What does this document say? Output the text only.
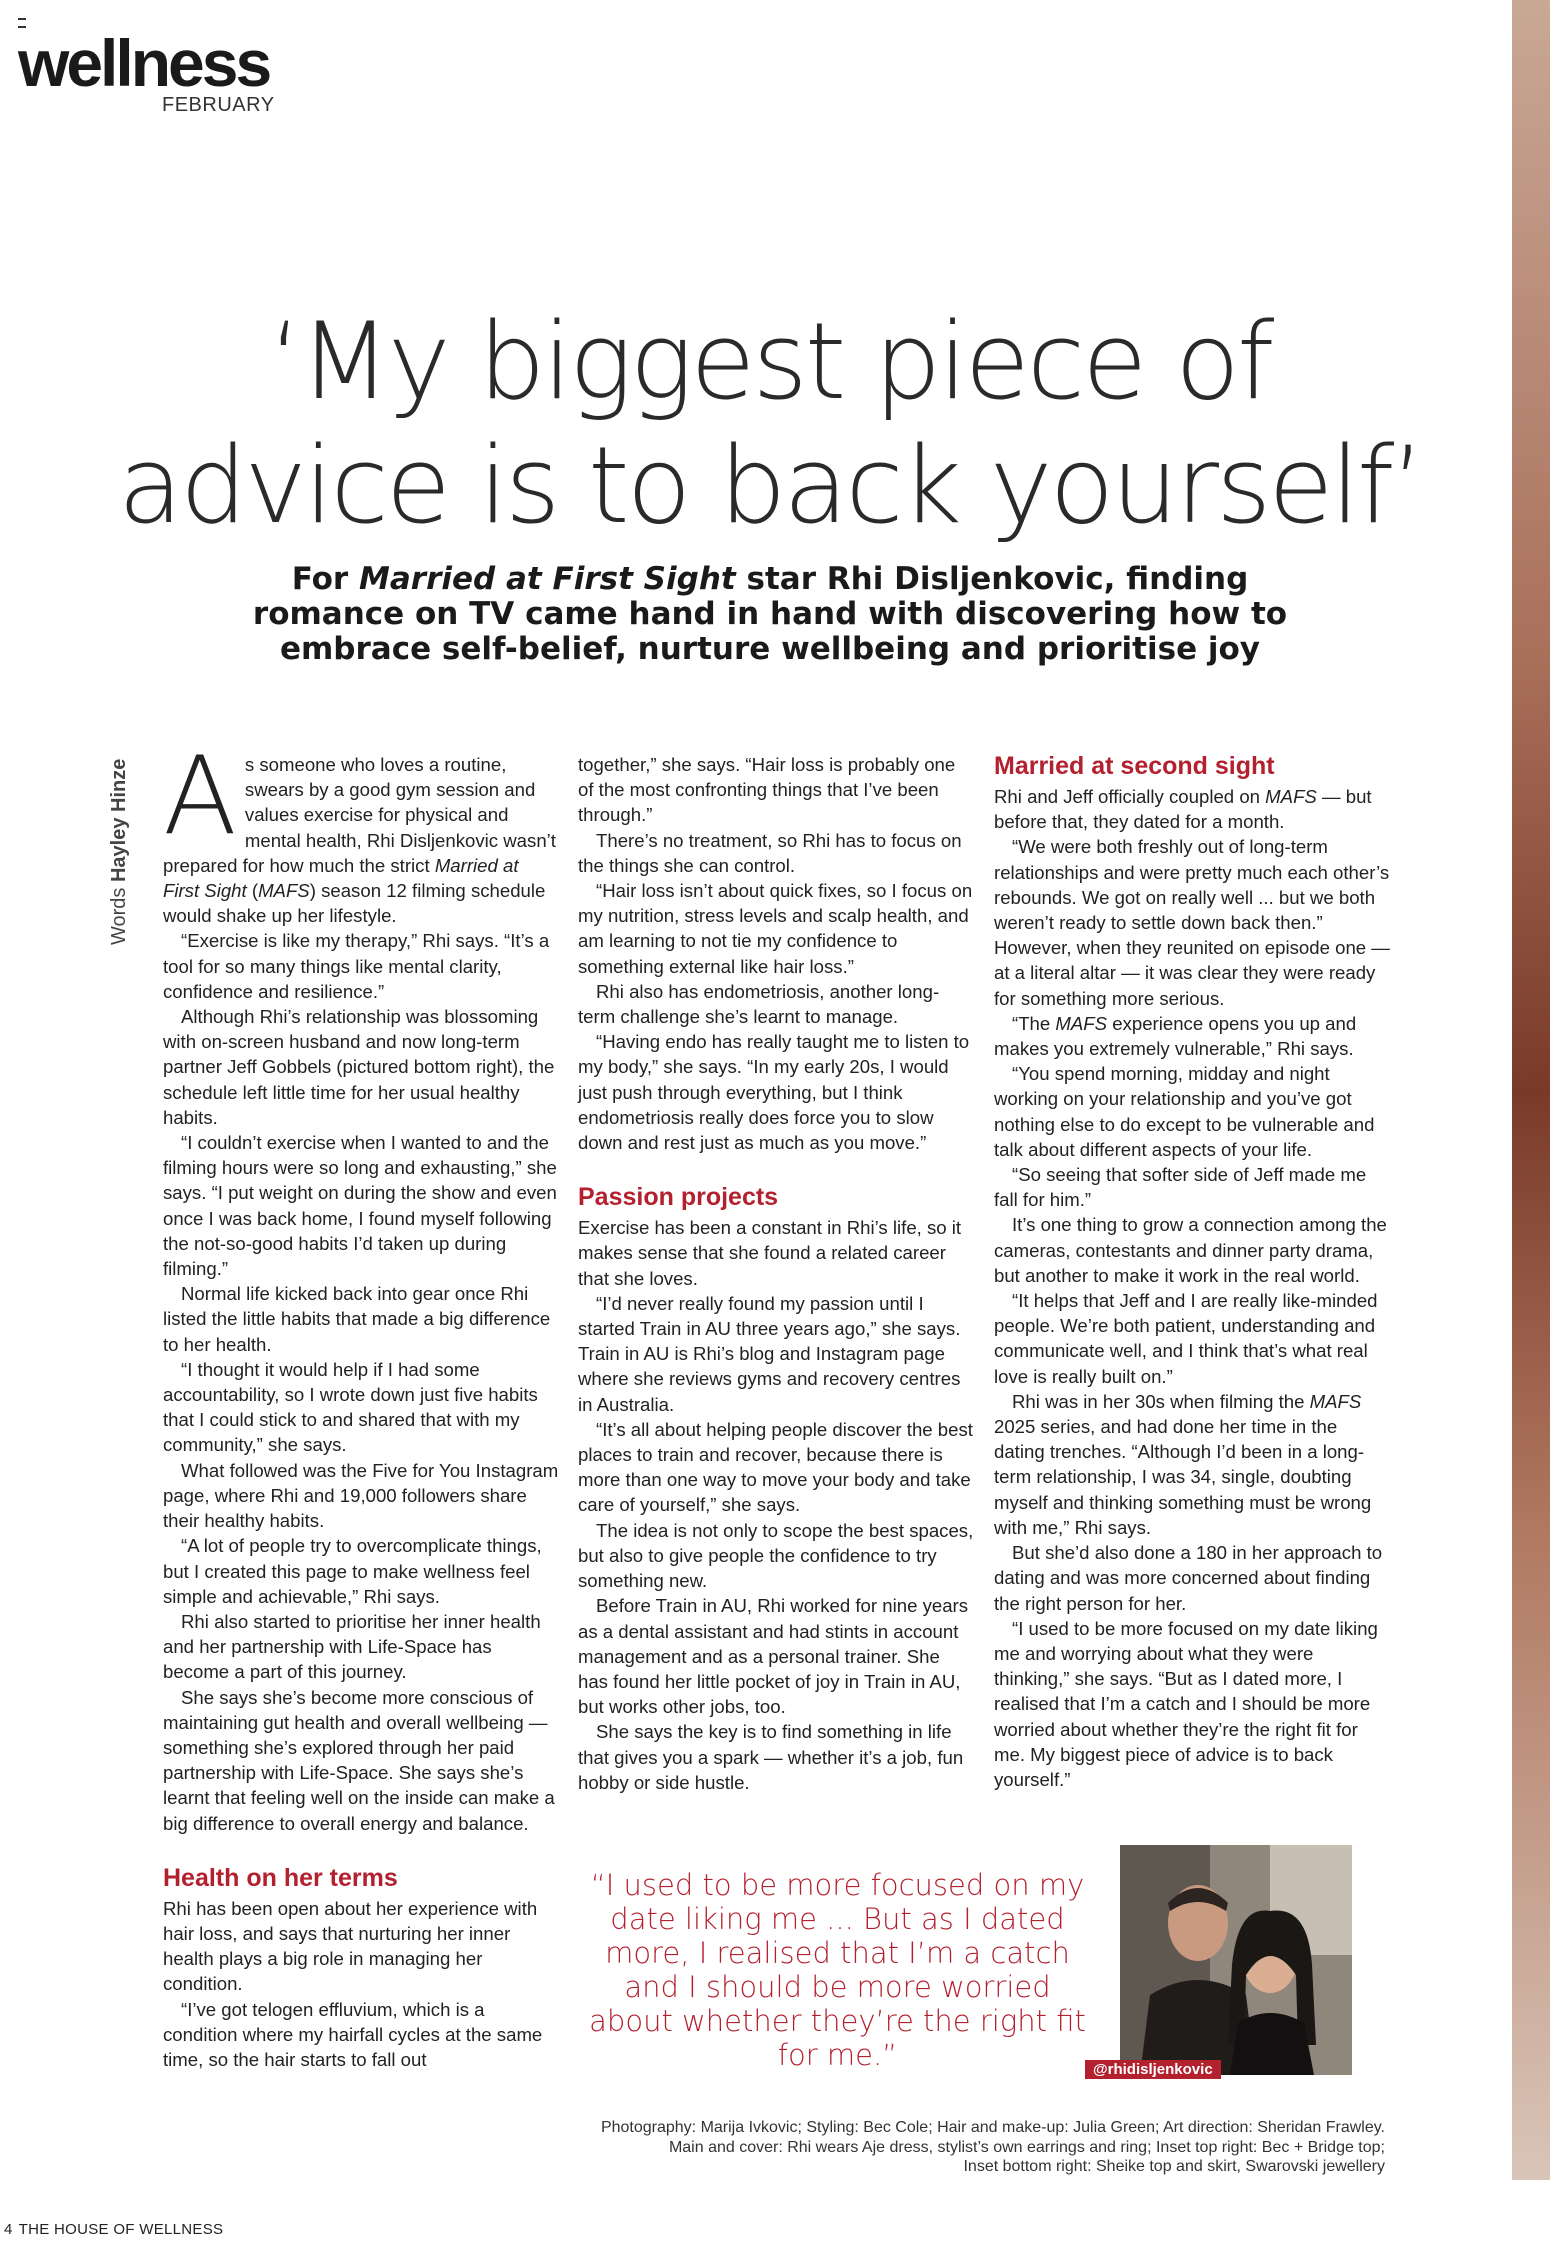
wellness
FEBRUARY
‘My biggest piece of
advice is to back yourself’
For Married at First Sight star Rhi Disljenkovic, finding
romance on TV came hand in hand with discovering how to
embrace self-belief, nurture wellbeing and prioritise joy
Words Hayley Hinze As someone who loves a routine, swears by a good gym session and values exercise for physical and mental health, Rhi Disljenkovic wasn’t prepared for how much the strict Married at First Sight (MAFS) season 12 filming schedule would shake up her lifestyle.

“Exercise is like my therapy,” Rhi says. “It’s a tool for so many things like mental clarity, confidence and resilience.”

Although Rhi’s relationship was blossoming with on-screen husband and now long-term partner Jeff Gobbels (pictured bottom right), the schedule left little time for her usual healthy habits.

“I couldn’t exercise when I wanted to and the filming hours were so long and exhausting,” she says. “I put weight on during the show and even once I was back home, I found myself following the not-so-good habits I’d taken up during filming.”

Normal life kicked back into gear once Rhi listed the little habits that made a big difference to her health.

“I thought it would help if I had some accountability, so I wrote down just five habits that I could stick to and shared that with my community,” she says.

What followed was the Five for You Instagram page, where Rhi and 19,000 followers share their healthy habits.

“A lot of people try to overcomplicate things, but I created this page to make wellness feel simple and achievable,” Rhi says.

Rhi also started to prioritise her inner health and her partnership with Life-Space has become a part of this journey.

She says she’s become more conscious of maintaining gut health and overall wellbeing — something she’s explored through her paid partnership with Life-Space. She says she’s learnt that feeling well on the inside can make a big difference to overall energy and balance.

Health on her terms

Rhi has been open about her experience with hair loss, and says that nurturing her inner health plays a big role in managing her condition.

“I’ve got telogen effluvium, which is a condition where my hairfall cycles at the same time, so the hair starts to fall out

together,” she says. “Hair loss is probably one of the most confronting things that I’ve been through.”

There’s no treatment, so Rhi has to focus on the things she can control.

“Hair loss isn’t about quick fixes, so I focus on my nutrition, stress levels and scalp health, and am learning to not tie my confidence to something external like hair loss.”

Rhi also has endometriosis, another long-term challenge she’s learnt to manage.

“Having endo has really taught me to listen to my body,” she says. “In my early 20s, I would just push through everything, but I think endometriosis really does force you to slow down and rest just as much as you move.”

Passion projects

Exercise has been a constant in Rhi’s life, so it makes sense that she found a related career that she loves.

“I’d never really found my passion until I started Train in AU three years ago,” she says. Train in AU is Rhi’s blog and Instagram page where she reviews gyms and recovery centres in Australia.

“It’s all about helping people discover the best places to train and recover, because there is more than one way to move your body and take care of yourself,” she says.

The idea is not only to scope the best spaces, but also to give people the confidence to try something new.

Before Train in AU, Rhi worked for nine years as a dental assistant and had stints in account management and as a personal trainer. She has found her little pocket of joy in Train in AU, but works other jobs, too.

She says the key is to find something in life that gives you a spark — whether it’s a job, fun hobby or side hustle.

Married at second sight

Rhi and Jeff officially coupled on MAFS — but before that, they dated for a month.

“We were both freshly out of long-term relationships and were pretty much each other’s rebounds. We got on really well ... but we both weren’t ready to settle down back then.” However, when they reunited on episode one — at a literal altar — it was clear they were ready for something more serious.

“The MAFS experience opens you up and makes you extremely vulnerable,” Rhi says.

“You spend morning, midday and night working on your relationship and you’ve got nothing else to do except to be vulnerable and talk about different aspects of your life.

“So seeing that softer side of Jeff made me fall for him.”

It’s one thing to grow a connection among the cameras, contestants and dinner party drama, but another to make it work in the real world.

“It helps that Jeff and I are really like-minded people. We’re both patient, understanding and communicate well, and I think that’s what real love is really built on.”

Rhi was in her 30s when filming the MAFS 2025 series, and had done her time in the dating trenches. “Although I’d been in a long-term relationship, I was 34, single, doubting myself and thinking something must be wrong with me,” Rhi says.

But she’d also done a 180 in her approach to dating and was more concerned about finding the right person for her.

“I used to be more focused on my date liking me and worrying about what they were thinking,” she says. “But as I dated more, I realised that I’m a catch and I should be more worried about whether they’re the right fit for me. My biggest piece of advice is to back yourself.”

“I used to be more focused on my date liking me ... But as I dated more, I realised that I’m a catch and I should be more worried about whether they’re the right fit for me.”	@rhidisljenkovic
Photography: Marija Ivkovic; Styling: Bec Cole; Hair and make-up: Julia Green; Art direction: Sheridan Frawley.
Main and cover: Rhi wears Aje dress, stylist’s own earrings and ring; Inset top right: Bec + Bridge top;
Inset bottom right: Sheike top and skirt, Swarovski jewellery
4 THE HOUSE OF WELLNESS
